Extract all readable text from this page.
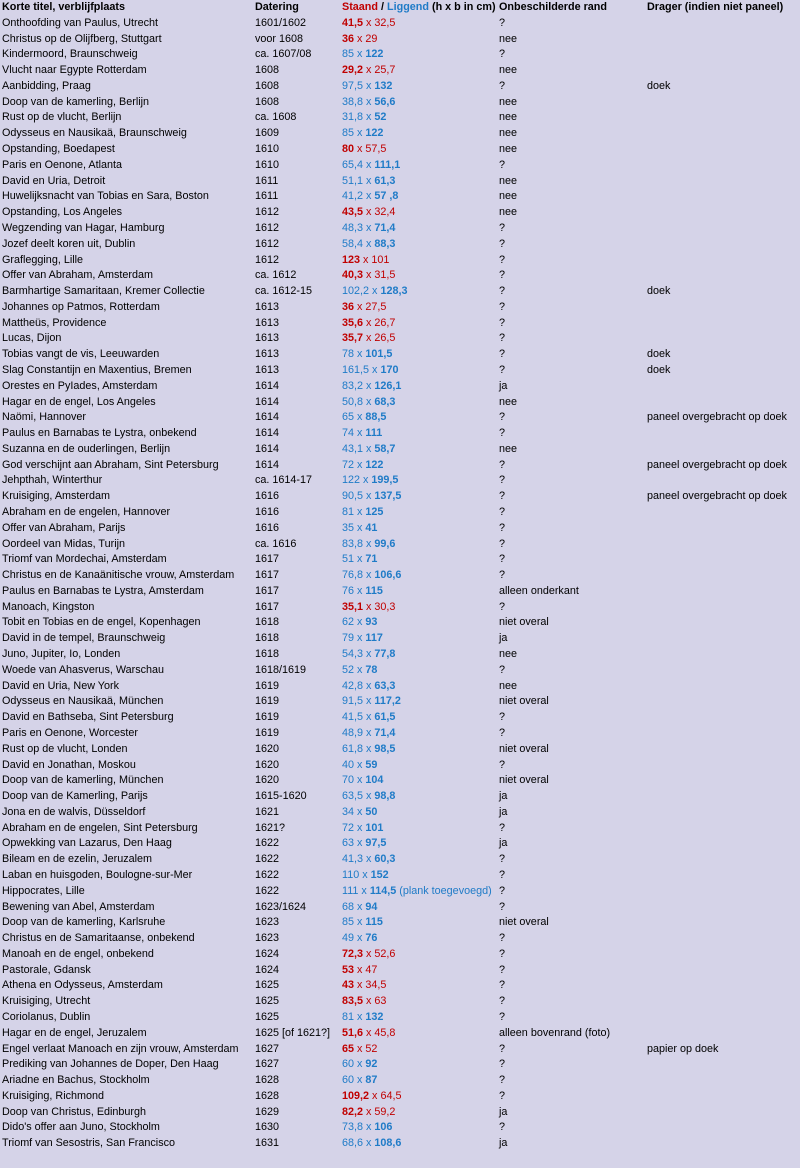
Korte titel, verblijfplaats	Datering	Staand / Liggend (h x b in cm)	Onbeschilderde rand	Drager (indien niet paneel)
Onthoofding van Paulus, Utrecht	1601/1602	41,5 x 32,5	?	
Christus op de Olijfberg, Stuttgart	voor 1608	36 x 29	nee	
Kindermoord, Braunschweig	ca. 1607/08	85 x 122	?	
Vlucht naar Egypte Rotterdam	1608	29,2 x 25,7	nee	
Aanbidding, Praag	1608	97,5 x 132	?	doek
Doop van de kamerling, Berlijn	1608	38,8 x 56,6	nee	
Rust op de vlucht, Berlijn	ca. 1608	31,8 x 52	nee	
Odysseus en Nausikaä, Braunschweig	1609	85 x 122	nee	
Opstanding, Boedapest	1610	80 x 57,5	nee	
Paris en Oenone, Atlanta	1610	65,4 x 111,1	?	
David en Uria, Detroit	1611	51,1 x 61,3	nee	
Huwelijksnacht van Tobias en Sara, Boston	1611	41,2 x 57 ,8	nee	
Opstanding, Los Angeles	1612	43,5 x 32,4	nee	
Wegzending van Hagar, Hamburg	1612	48,3 x 71,4	?	
Jozef deelt koren uit, Dublin	1612	58,4 x 88,3	?	
Graflegging, Lille	1612	123 x 101	?	
Offer van Abraham, Amsterdam	ca. 1612	40,3 x 31,5	?	
Barmhartige Samaritaan, Kremer Collectie	ca. 1612-15	102,2 x 128,3	?	doek
Johannes op Patmos, Rotterdam	1613	36 x 27,5	?	
Mattheüs, Providence	1613	35,6 x 26,7	?	
Lucas, Dijon	1613	35,7 x 26,5	?	
Tobias vangt de vis, Leeuwarden	1613	78 x 101,5	?	doek
Slag Constantijn en Maxentius, Bremen	1613	161,5 x 170	?	doek
Orestes en PyIades, Amsterdam	1614	83,2 x 126,1	ja	
Hagar en de engel, Los Angeles	1614	50,8 x 68,3	nee	
Naömi, Hannover	1614	65 x 88,5	?	paneel overgebracht op doek
Paulus en Barnabas te Lystra, onbekend	1614	74 x 111	?	
Suzanna en de ouderlingen, Berlijn	1614	43,1 x 58,7	nee	
God verschijnt aan Abraham, Sint Petersburg	1614	72 x 122	?	paneel overgebracht op doek
Jehpthah, Winterthur	ca. 1614-17	122 x 199,5	?	
Kruisiging, Amsterdam	1616	90,5 x 137,5	?	paneel overgebracht op doek
Abraham en de engelen, Hannover	1616	81 x 125	?	
Offer van Abraham, Parijs	1616	35 x 41	?	
Oordeel van Midas, Turijn	ca. 1616	83,8 x 99,6	?	
Triomf van Mordechai, Amsterdam	1617	51 x 71	?	
Christus en de Kanaänitische vrouw, Amsterdam	1617	76,8 x 106,6	?	
Paulus en Barnabas te Lystra, Amsterdam	1617	76 x 115	alleen onderkant	
Manoach, Kingston	1617	35,1 x 30,3	?	
Tobit en Tobias en de engel, Kopenhagen	1618	62 x 93	niet overal	
David in de tempel, Braunschweig	1618	79 x 117	ja	
Juno, Jupiter, Io, Londen	1618	54,3 x 77,8	nee	
Woede van Ahasverus, Warschau	1618/1619	52 x 78	?	
David en Uria, New York	1619	42,8 x 63,3	nee	
Odysseus en Nausikaä, München	1619	91,5 x 117,2	niet overal	
David en Bathseba, Sint Petersburg	1619	41,5 x 61,5	?	
Paris en Oenone, Worcester	1619	48,9 x 71,4	?	
Rust op de vlucht, Londen	1620	61,8 x 98,5	niet overal	
David en Jonathan, Moskou	1620	40 x 59	?	
Doop van de kamerling, München	1620	70 x 104	niet overal	
Doop van de Kamerling, Parijs	1615-1620	63,5 x 98,8	ja	
Jona en de walvis, Düsseldorf	1621	34 x 50	ja	
Abraham en de engelen, Sint Petersburg	1621?	72 x 101	?	
Opwekking van Lazarus, Den Haag	1622	63 x 97,5	ja	
Bileam en de ezelin, Jeruzalem	1622	41,3 x 60,3	?	
Laban en huisgoden, Boulogne-sur-Mer	1622	110 x 152	?	
Hippocrates, Lille	1622	111 x 114,5 (plank toegevoegd)	?	
Bewening van Abel, Amsterdam	1623/1624	68 x 94	?	
Doop van de kamerling, Karlsruhe	1623	85 x 115	niet overal	
Christus en de Samaritaanse, onbekend	1623	49 x 76	?	
Manoah en de engel, onbekend	1624	72,3 x 52,6	?	
Pastorale, Gdansk	1624	53 x 47	?	
Athena en Odysseus, Amsterdam	1625	43 x 34,5	?	
Kruisiging, Utrecht	1625	83,5 x 63	?	
Coriolanus, Dublin	1625	81 x 132	?	
Hagar en de engel, Jeruzalem	1625 [of 1621?]	51,6 x 45,8	alleen bovenrand (foto)	
Engel verlaat Manoach en zijn vrouw, Amsterdam	1627	65 x 52	?	papier op doek
Prediking van Johannes de Doper, Den Haag	1627	60 x 92	?	
Ariadne en Bachus, Stockholm	1628	60 x 87	?	
Kruisiging, Richmond	1628	109,2 x 64,5	?	
Doop van Christus, Edinburgh	1629	82,2 x 59,2	ja	
Dido's offer aan Juno, Stockholm	1630	73,8 x 106	?	
Triomf van Sesostris, San Francisco	1631	68,6 x 108,6	ja	
